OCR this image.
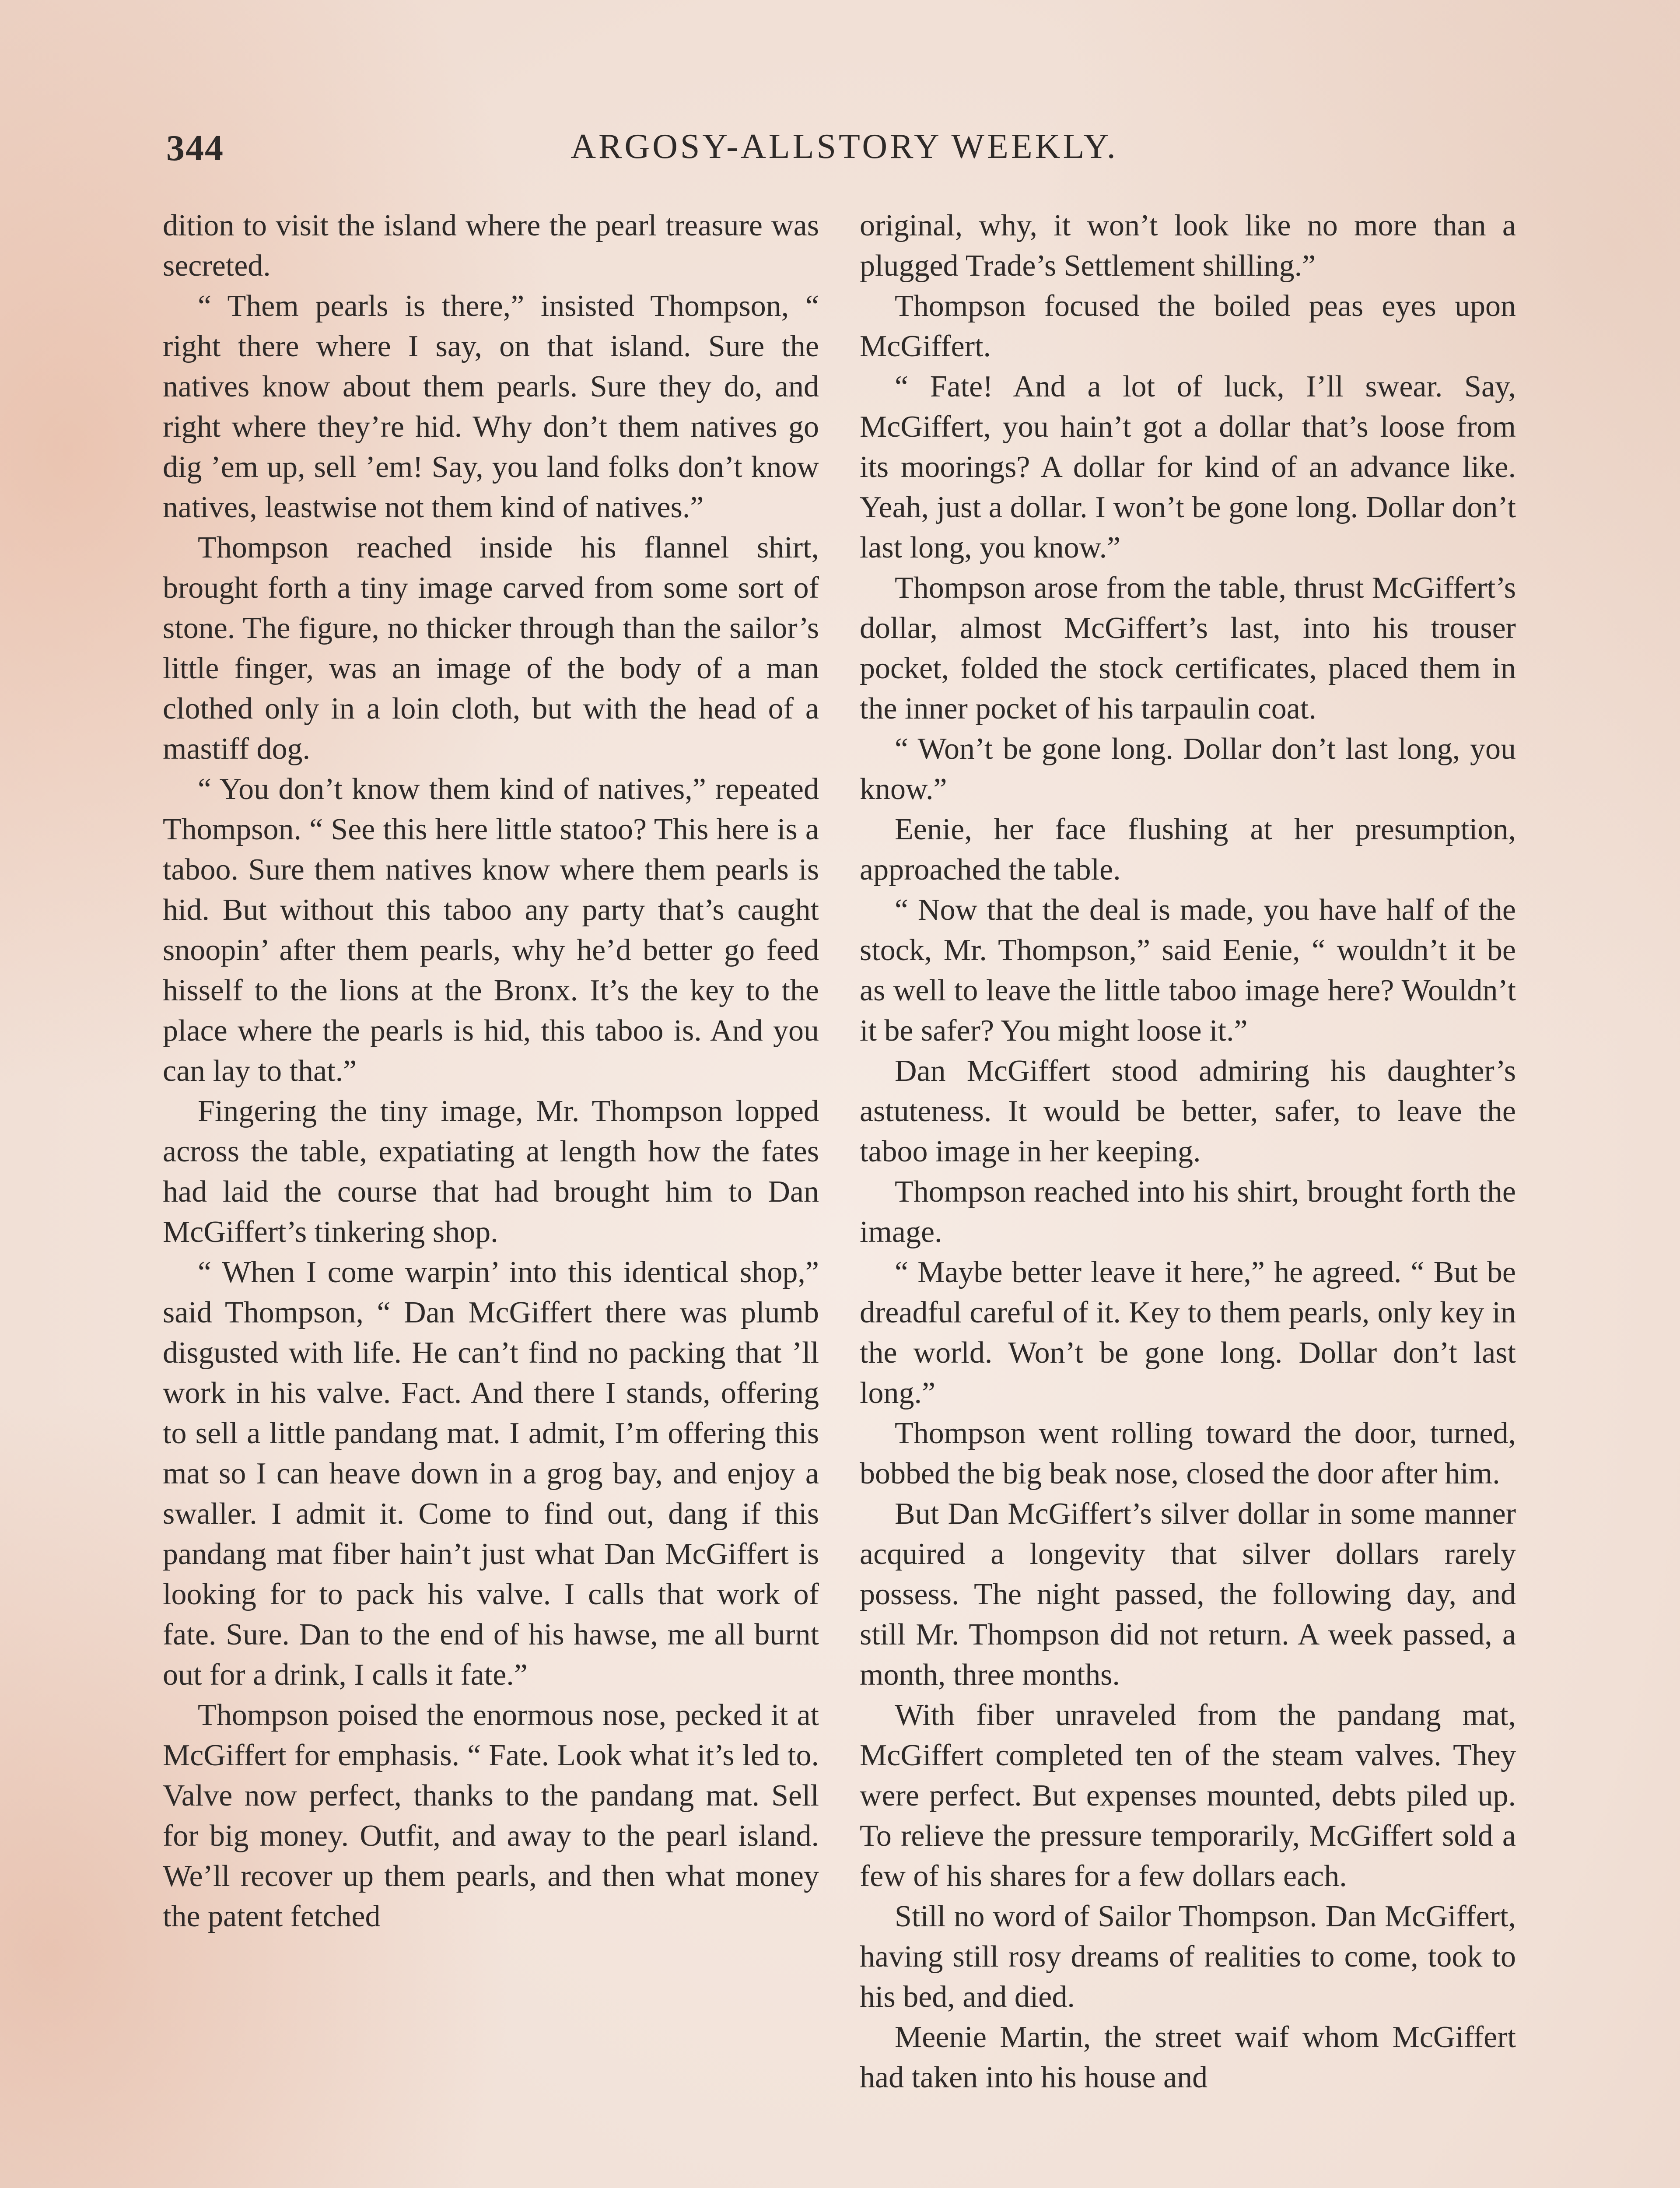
344	ARGOSY-ALLSTORY WEEKLY.

dition to visit the island where the pearl treasure was secreted.

“ Them pearls is there,” insisted Thompson, “ right there where I say, on that island. Sure the natives know about them pearls. Sure they do, and right where they’re hid. Why don’t them natives go dig ’em up, sell ’em! Say, you land folks don’t know natives, leastwise not them kind of natives.”

Thompson reached inside his flannel shirt, brought forth a tiny image carved from some sort of stone. The figure, no thicker through than the sailor’s little finger, was an image of the body of a man clothed only in a loin cloth, but with the head of a mastiff dog.

“ You don’t know them kind of natives,” repeated Thompson. “ See this here little statoo? This here is a taboo. Sure them natives know where them pearls is hid. But without this taboo any party that’s caught snoopin’ after them pearls, why he’d better go feed hisself to the lions at the Bronx. It’s the key to the place where the pearls is hid, this taboo is. And you can lay to that.”

Fingering the tiny image, Mr. Thompson lopped across the table, expatiating at length how the fates had laid the course that had brought him to Dan McGiffert’s tinkering shop.

“ When I come warpin’ into this identical shop,” said Thompson, “ Dan McGiffert there was plumb disgusted with life. He can’t find no packing that ’ll work in his valve. Fact. And there I stands, offering to sell a little pandang mat. I admit, I’m offering this mat so I can heave down in a grog bay, and enjoy a swaller. I admit it. Come to find out, dang if this pandang mat fiber hain’t just what Dan McGiffert is looking for to pack his valve. I calls that work of fate. Sure. Dan to the end of his hawse, me all burnt out for a drink, I calls it fate.”

Thompson poised the enormous nose, pecked it at McGiffert for emphasis. “ Fate. Look what it’s led to. Valve now perfect, thanks to the pandang mat. Sell for big money. Outfit, and away to the pearl island. We’ll recover up them pearls, and then what money the patent fetched

original, why, it won’t look like no more than a plugged Trade’s Settlement shilling.”

Thompson focused the boiled peas eyes upon McGiffert.

“ Fate! And a lot of luck, I’ll swear. Say, McGiffert, you hain’t got a dollar that’s loose from its moorings? A dollar for kind of an advance like. Yeah, just a dollar. I won’t be gone long. Dollar don’t last long, you know.”

Thompson arose from the table, thrust McGiffert’s dollar, almost McGiffert’s last, into his trouser pocket, folded the stock certificates, placed them in the inner pocket of his tarpaulin coat.

“ Won’t be gone long. Dollar don’t last long, you know.”

Eenie, her face flushing at her presumption, approached the table.

“ Now that the deal is made, you have half of the stock, Mr. Thompson,” said Eenie, “ wouldn’t it be as well to leave the little taboo image here? Wouldn’t it be safer? You might loose it.”

Dan McGiffert stood admiring his daughter’s astuteness. It would be better, safer, to leave the taboo image in her keeping.

Thompson reached into his shirt, brought forth the image.

“ Maybe better leave it here,” he agreed. “ But be dreadful careful of it. Key to them pearls, only key in the world. Won’t be gone long. Dollar don’t last long.”

Thompson went rolling toward the door, turned, bobbed the big beak nose, closed the door after him.

But Dan McGiffert’s silver dollar in some manner acquired a longevity that silver dollars rarely possess. The night passed, the following day, and still Mr. Thompson did not return. A week passed, a month, three months.

With fiber unraveled from the pandang mat, McGiffert completed ten of the steam valves. They were perfect. But expenses mounted, debts piled up. To relieve the pressure temporarily, McGiffert sold a few of his shares for a few dollars each.

Still no word of Sailor Thompson. Dan McGiffert, having still rosy dreams of realities to come, took to his bed, and died.

Meenie Martin, the street waif whom McGiffert had taken into his house and
